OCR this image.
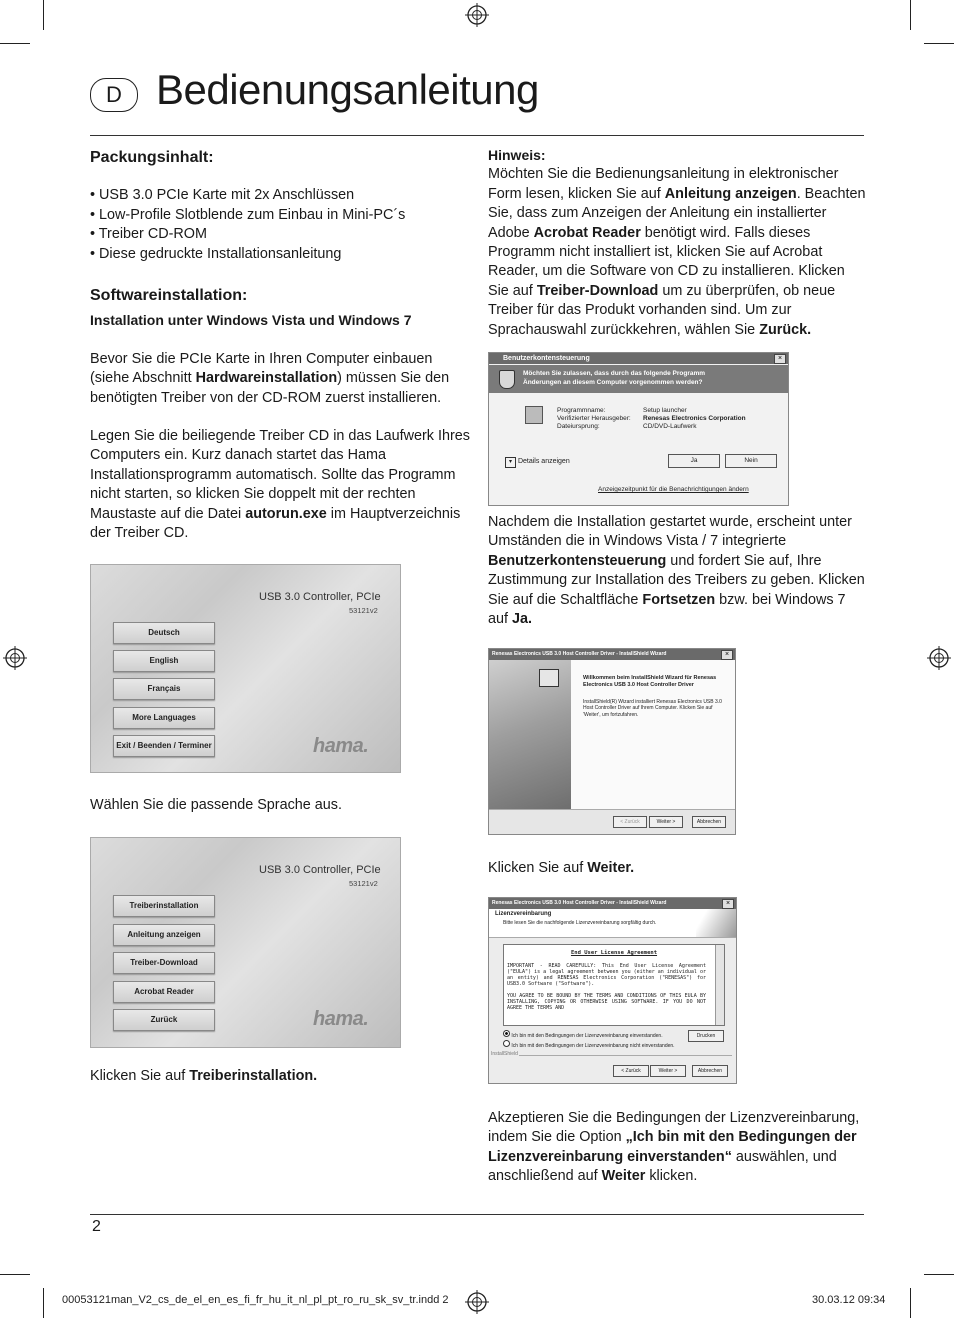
D Bedienungsanleitung

Packungsinhalt:

• USB 3.0 PCIe Karte mit 2x Anschlüssen
• Low-Profile Slotblende zum Einbau in Mini-PC´s
• Treiber CD-ROM
• Diese gedruckte Installationsanleitung

Softwareinstallation:

Installation unter Windows Vista und Windows 7

Bevor Sie die PCIe Karte in Ihren Computer einbauen (siehe Abschnitt Hardwareinstallation) müssen Sie den benötigten Treiber von der CD-ROM zuerst installieren.

Legen Sie die beiliegende Treiber CD in das Laufwerk Ihres Computers ein. Kurz danach startet das Hama Installationsprogramm automatisch. Sollte das Programm nicht starten, so klicken Sie doppelt mit der rechten Maustaste auf die Datei autorun.exe im Hauptverzeichnis der Treiber CD.

USB 3.0 Controller, PCIe
53121v2
Deutsch
English
Français
More Languages
Exit / Beenden / Terminer	hama.
Wählen Sie die passende Sprache aus.
USB 3.0 Controller, PCIe
53121v2
Treiberinstallation
Anleitung anzeigen
Treiber-Download
Acrobat Reader
Zurück	hama.
Klicken Sie auf Treiberinstallation.

Hinweis:

Möchten Sie die Bedienungsanleitung in elektronischer Form lesen, klicken Sie auf Anleitung anzeigen. Beachten Sie, dass zum Anzeigen der Anleitung ein installierter Adobe Acrobat Reader benötigt wird. Falls dieses Programm nicht installiert ist, klicken Sie auf Acrobat Reader, um die Software von CD zu installieren. Klicken Sie auf Treiber-Download um zu überprüfen, ob neue Treiber für das Produkt vorhanden sind. Um zur Sprachauswahl zurückkehren, wählen Sie Zurück.

Benutzerkontensteuerung	×
Möchten Sie zulassen, dass durch das folgende Programm Änderungen an diesem Computer vorgenommen werden?
Programmname:	Setup launcher
Verifizierter Herausgeber: Renesas Electronics Corporation
Dateiursprung:	CD/DVD-Laufwerk
▾ Details anzeigen	Ja	Nein
Anzeigezeitpunkt für die Benachrichtigungen ändern
Nachdem die Installation gestartet wurde, erscheint unter Umständen die in Windows Vista / 7 integrierte Benutzerkontensteuerung und fordert Sie auf, Ihre Zustimmung zur Installation des Treibers zu geben. Klicken Sie auf die Schaltfläche Fortsetzen bzw. bei Windows 7 auf Ja.
Renesas Electronics USB 3.0 Host Controller Driver - InstallShield Wizard	×
Willkommen beim InstallShield Wizard für Renesas Electronics USB 3.0 Host Controller Driver
InstallShield(R) Wizard installiert Renesas Electronics USB 3.0 Host Controller Driver auf Ihrem Computer. Klicken Sie auf 'Weiter', um fortzufahren.
< Zurück	Weiter >	Abbrechen
Klicken Sie auf Weiter.
Renesas Electronics USB 3.0 Host Controller Driver - InstallShield Wizard	×
Lizenzvereinbarung
Bitte lesen Sie die nachfolgende Lizenzvereinbarung sorgfältig durch.
End User License Agreement
IMPORTANT - READ CAREFULLY: This End User License Agreement ("EULA") is a legal agreement between you (either an individual or an entity) and RENESAS Electronics Corporation ("RENESAS") for USB3.0 Software ("Software").
YOU AGREE TO BE BOUND BY THE TERMS AND CONDITIONS OF THIS EULA BY INSTALLING, COPYING OR OTHERWISE USING SOFTWARE. IF YOU DO NOT AGREE THE TERMS AND
Ich bin mit den Bedingungen der Lizenzvereinbarung einverstanden.
Ich bin mit den Bedingungen der Lizenzvereinbarung nicht einverstanden.
Drucken
InstallShield
< Zurück	Weiter >	Abbrechen
Akzeptieren Sie die Bedingungen der Lizenzvereinbarung, indem Sie die Option „Ich bin mit den Bedingungen der Lizenzvereinbarung einverstanden“ auswählen, und anschließend auf Weiter klicken.
2
00053121man_V2_cs_de_el_en_es_fi_fr_hu_it_nl_pl_pt_ro_ru_sk_sv_tr.indd 2	30.03.12 09:34
